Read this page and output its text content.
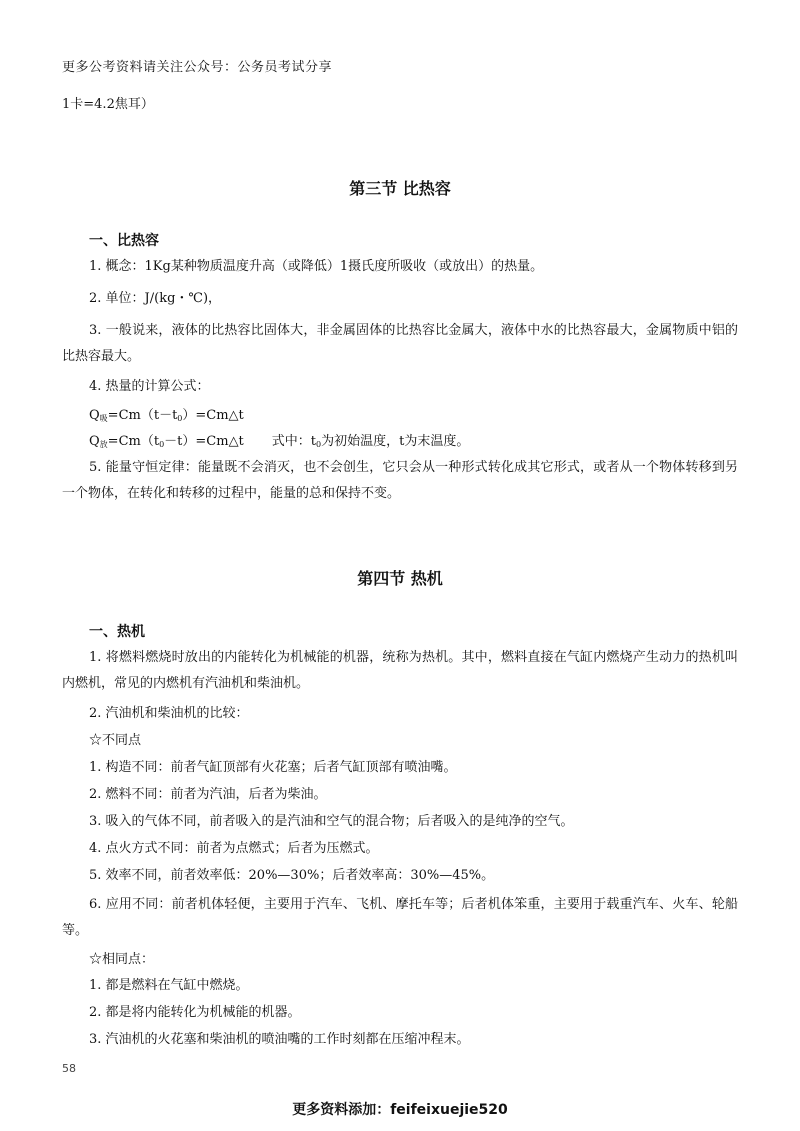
更多公考资料请关注公众号：公务员考试分享
1卡=4.2焦耳）
第三节 比热容
一、比热容
1. 概念：1Kg某种物质温度升高（或降低）1摄氏度所吸收（或放出）的热量。
2. 单位：J/(kg・℃)，
3. 一般说来，液体的比热容比固体大，非金属固体的比热容比金属大，液体中水的比热容最大，金属物质中铝的比热容最大。
4. 热量的计算公式：
$Q_吸=Cm(t-t_0)=Cm\triangle t$
$Q_放=Cm(t_0-t)=Cm\triangle t$ 式中：$t_0$为初始温度，t为末温度。
5. 能量守恒定律：能量既不会消灭，也不会创生，它只会从一种形式转化成其它形式，或者从一个物体转移到另一个物体，在转化和转移的过程中，能量的总和保持不变。
第四节 热机
一、热机
1. 将燃料燃烧时放出的内能转化为机械能的机器，统称为热机。其中，燃料直接在气缸内燃烧产生动力的热机叫内燃机，常见的内燃机有汽油机和柴油机。
2. 汽油机和柴油机的比较：
☆不同点
1. 构造不同：前者气缸顶部有火花塞；后者气缸顶部有喷油嘴。
2. 燃料不同：前者为汽油，后者为柴油。
3. 吸入的气体不同，前者吸入的是汽油和空气的混合物；后者吸入的是纯净的空气。
4. 点火方式不同：前者为点燃式；后者为压燃式。
5. 效率不同，前者效率低：20%—30%；后者效率高：30%—45%。
6. 应用不同：前者机体轻便，主要用于汽车、飞机、摩托车等；后者机体笨重，主要用于载重汽车、火车、轮船等。
☆相同点：
1. 都是燃料在气缸中燃烧。
2. 都是将内能转化为机械能的机器。
3. 汽油机的火花塞和柴油机的喷油嘴的工作时刻都在压缩冲程末。
58
更多资料添加：feifeixuejie520
